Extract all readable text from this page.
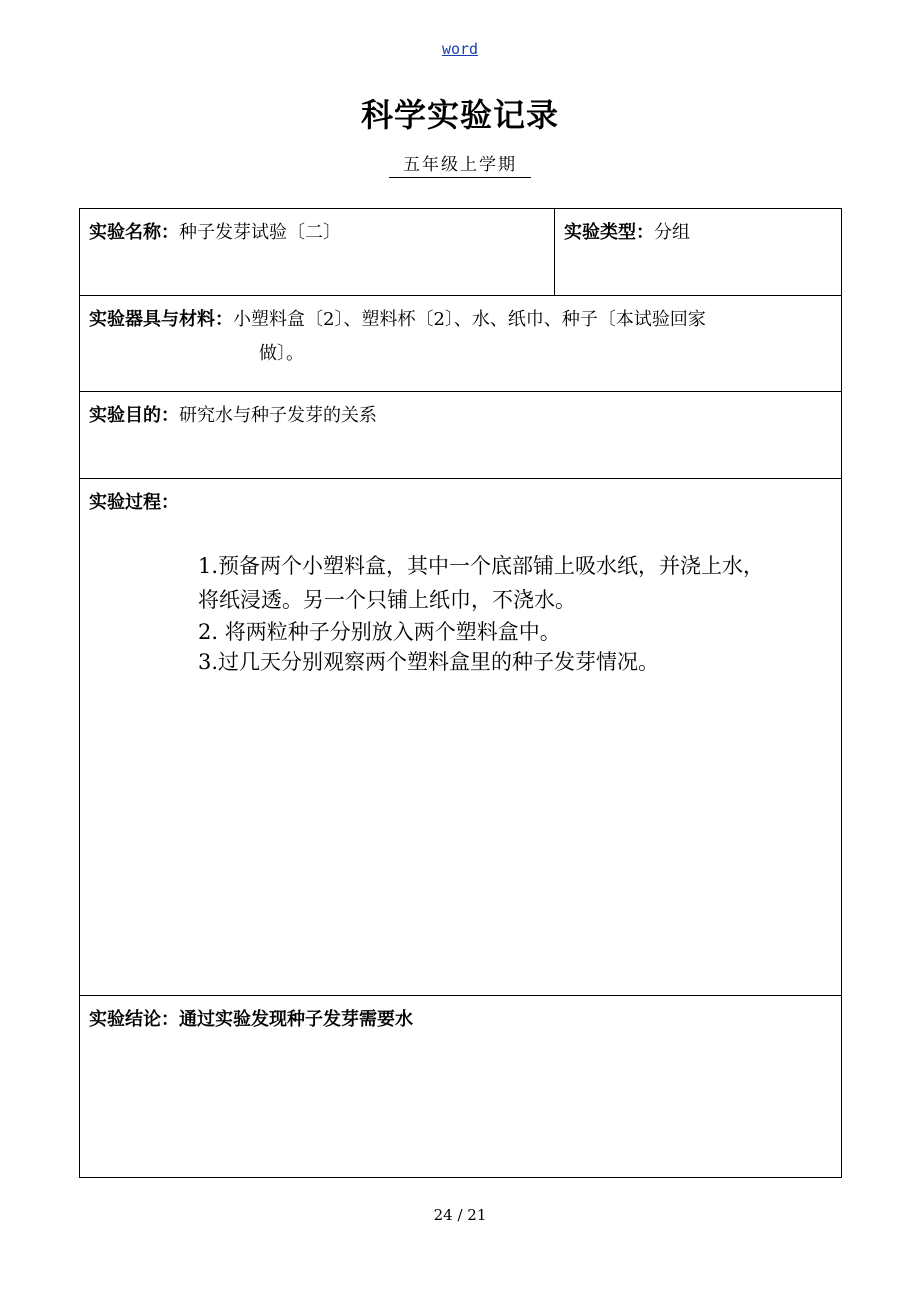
word
科学实验记录
五年级上学期
实验名称：种子发芽试验〔二〕	实验类型：分组

实验器具与材料：小塑料盒〔2〕、塑料杯〔2〕、水、纸巾、种子〔本试验回家
做〕。

实验目的：研究水与种子发芽的关系

实验过程：

1.预备两个小塑料盒，其中一个底部铺上吸水纸，并浇上水，
将纸浸透。另一个只铺上纸巾，不浇水。

2. 将两粒种子分别放入两个塑料盒中。

3.过几天分别观察两个塑料盒里的种子发芽情况。

实验结论：通过实验发现种子发芽需要水
24 / 21
